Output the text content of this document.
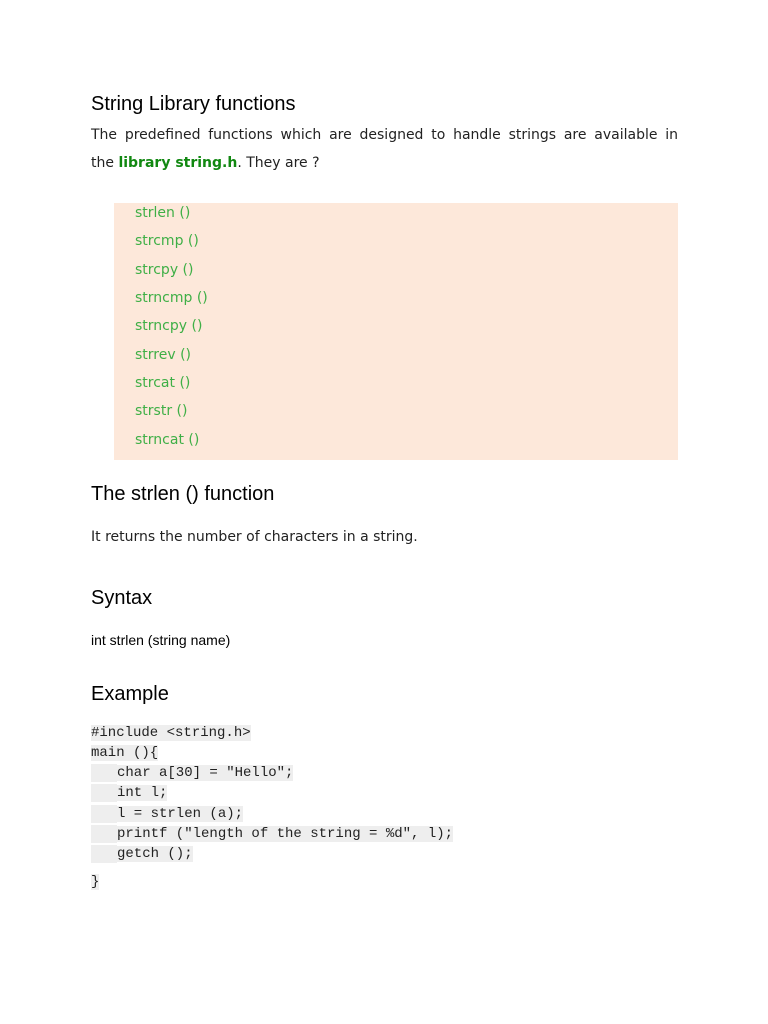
String Library functions

The predefined functions which are designed to handle strings are available in

the library string.h. They are ?

strlen ()
strcmp ()
strcpy ()
strncmp ()
strncpy ()
strrev ()
strcat ()
strstr ()
strncat ()
The strlen () function

It returns the number of characters in a string.

Syntax
int strlen (string name)
Example
#include <string.h>
main (){
char a[30] = "Hello";
int l;
l = strlen (a);
printf ("length of the string = %d", l);
getch ();
}
